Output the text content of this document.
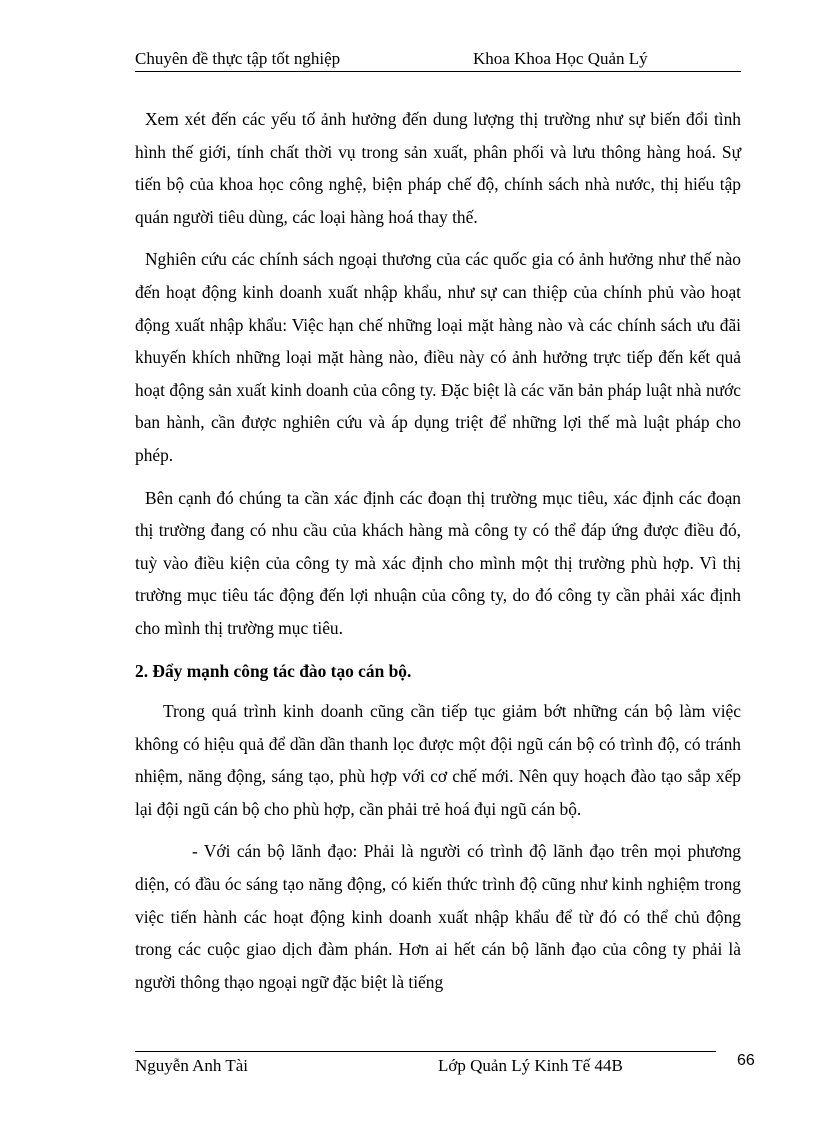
Chuyên đề thực tập tốt nghiệp	Khoa Khoa Học Quản Lý

Xem xét đến các yếu tố ảnh hưởng đến dung lượng thị trường như sự biến đổi tình hình thế giới, tính chất thời vụ trong sản xuất, phân phối và lưu thông hàng hoá. Sự tiến bộ của khoa học công nghệ, biện pháp chế độ, chính sách nhà nước, thị hiếu tập quán người tiêu dùng, các loại hàng hoá thay thế.

Nghiên cứu các chính sách ngoại thương của các quốc gia có ảnh hưởng như thế nào đến hoạt động kinh doanh xuất nhập khẩu, như sự can thiệp của chính phủ vào hoạt động xuất nhập khẩu: Việc hạn chế những loại mặt hàng nào và các chính sách ưu đãi khuyến khích những loại mặt hàng nào, điều này có ảnh hưởng trực tiếp đến kết quả hoạt động sản xuất kinh doanh của công ty. Đặc biệt là các văn bản pháp luật nhà nước ban hành, cần được nghiên cứu và áp dụng triệt để những lợi thế mà luật pháp cho phép.

Bên cạnh đó chúng ta cần xác định các đoạn thị trường mục tiêu, xác định các đoạn thị trường đang có nhu cầu của khách hàng mà công ty có thể đáp ứng được điều đó, tuỳ vào điều kiện của công ty mà xác định cho mình một thị trường phù hợp. Vì thị trường mục tiêu tác động đến lợi nhuận của công ty, do đó công ty cần phải xác định cho mình thị trường mục tiêu.

2. Đẩy mạnh công tác đào tạo cán bộ.

Trong quá trình kinh doanh cũng cần tiếp tục giảm bớt những cán bộ làm việc không có hiệu quả để dần dần thanh lọc được một đội ngũ cán bộ có trình độ, có tránh nhiệm, năng động, sáng tạo, phù hợp với cơ chế mới. Nên quy hoạch đào tạo sắp xếp lại đội ngũ cán bộ cho phù hợp, cần phải trẻ hoá đụi ngũ cán bộ.

- Với cán bộ lãnh đạo: Phải là người có trình độ lãnh đạo trên mọi phương diện, có đầu óc sáng tạo năng động, có kiến thức trình độ cũng như kinh nghiệm trong việc tiến hành các hoạt động kinh doanh xuất nhập khẩu để từ đó có thể chủ động trong các cuộc giao dịch đàm phán. Hơn ai hết cán bộ lãnh đạo của công ty phải là người thông thạo ngoại ngữ đặc biệt là tiếng

Nguyễn Anh Tài	Lớp Quản Lý Kinh Tế 44B	66
